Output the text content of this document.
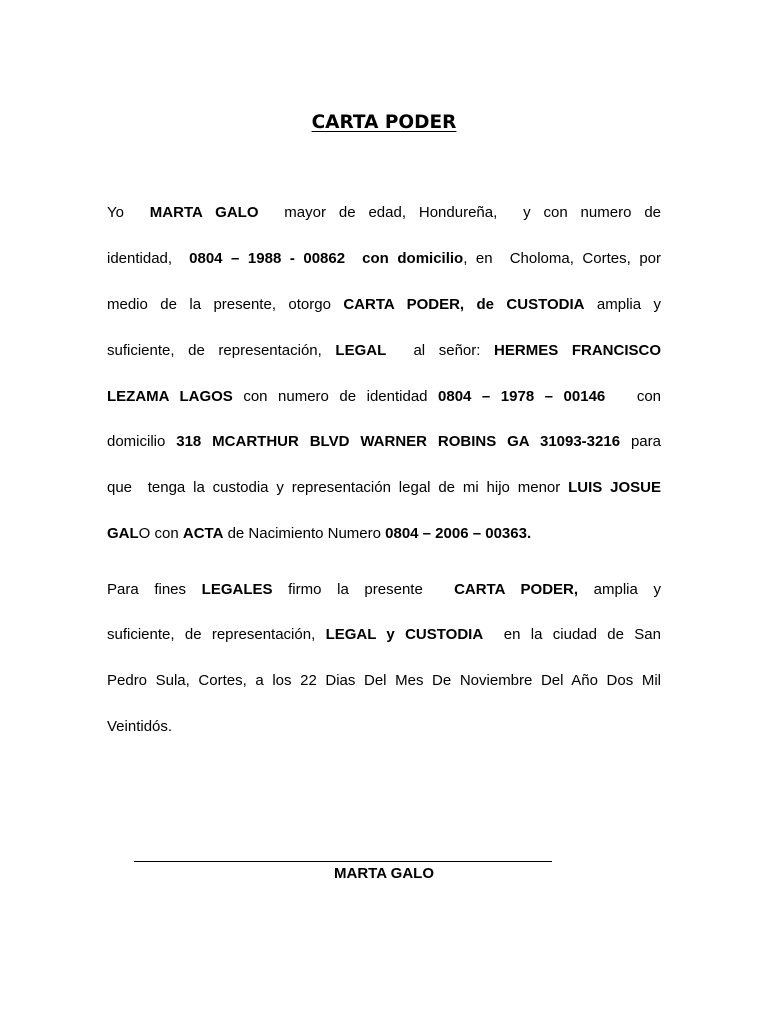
CARTA PODER
Yo  MARTA GALO  mayor de edad, Hondureña,  y con numero de
identidad,  0804 – 1988 - 00862  con domicilio, en  Choloma, Cortes, por
medio de la presente, otorgo CARTA PODER, de CUSTODIA amplia y
suficiente, de representación, LEGAL  al señor: HERMES FRANCISCO
LEZAMA LAGOS con numero de identidad 0804 – 1978 – 00146   con
domicilio 318 MCARTHUR BLVD WARNER ROBINS GA 31093-3216 para
que  tenga la custodia y representación legal de mi hijo menor LUIS JOSUE
GALO con ACTA de Nacimiento Numero 0804 – 2006 – 00363.
Para fines LEGALES firmo la presente  CARTA PODER, amplia y
suficiente, de representación, LEGAL y CUSTODIA  en la ciudad de San
Pedro Sula, Cortes, a los 22 Dias Del Mes De Noviembre Del Año Dos Mil
Veintidós.
MARTA GALO
